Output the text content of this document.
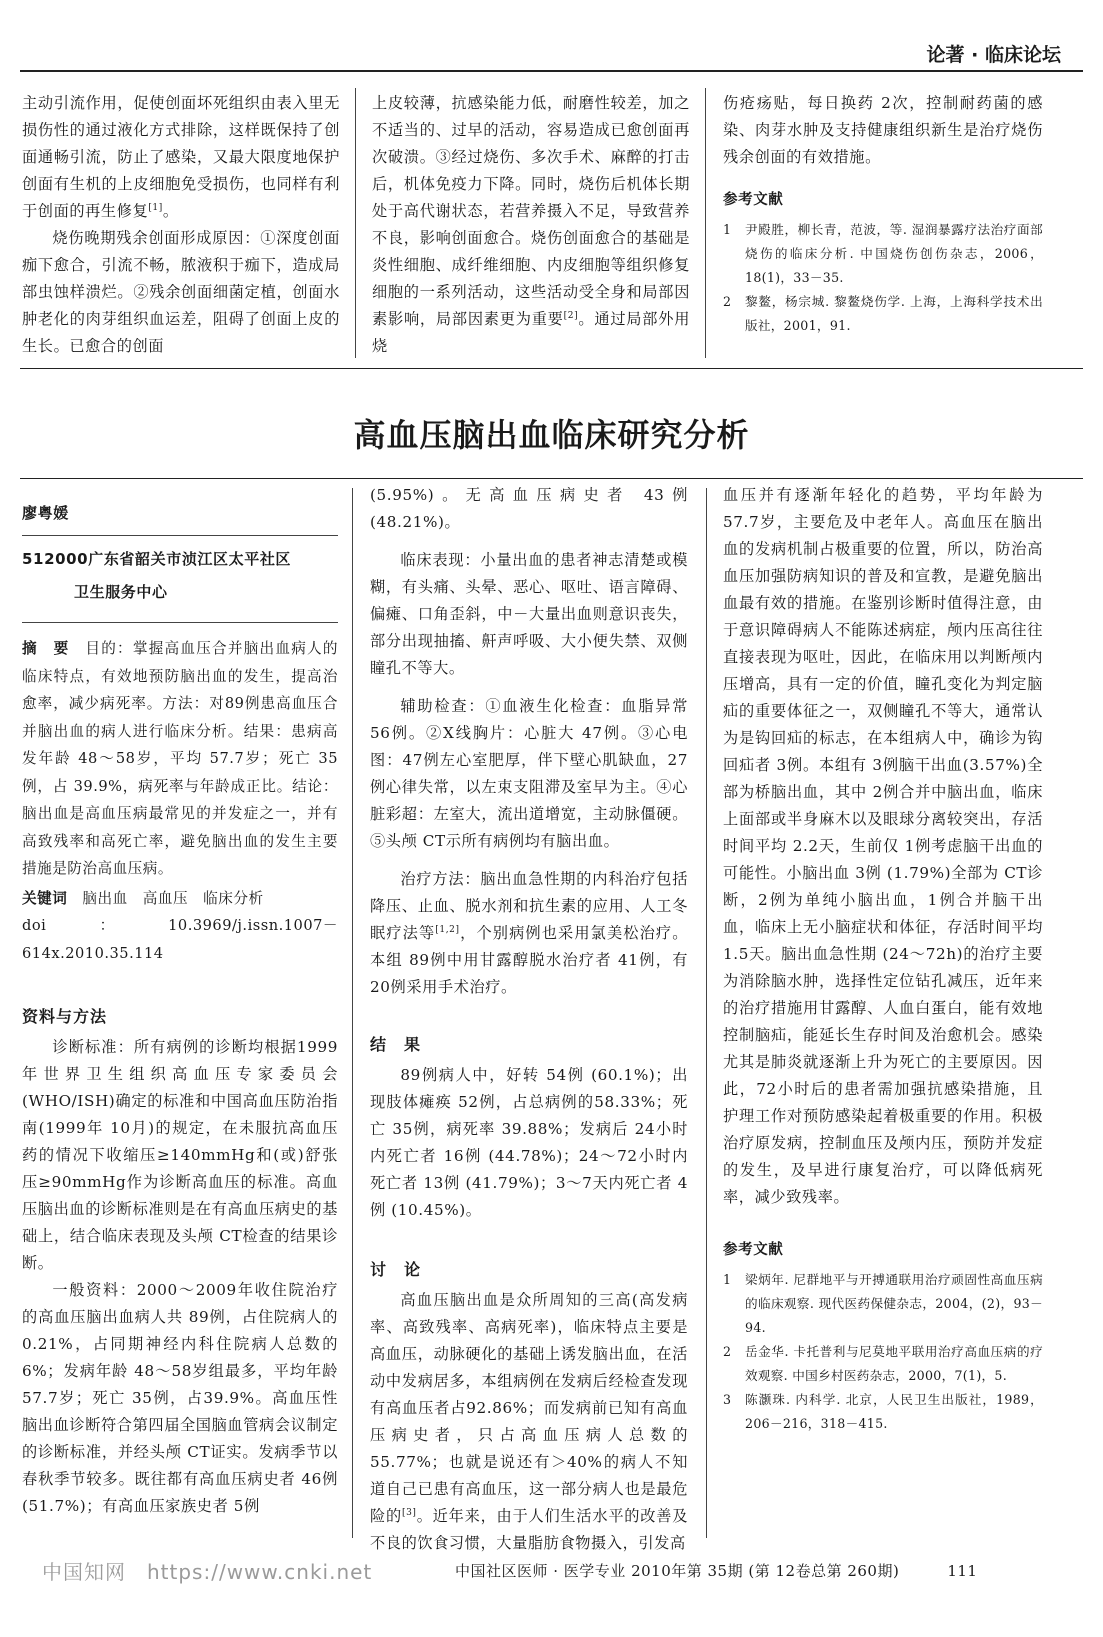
论著 · 临床论坛

主动引流作用，促使创面坏死组织由表入里无损伤性的通过液化方式排除，这样既保持了创面通畅引流，防止了感染，又最大限度地保护创面有生机的上皮细胞免受损伤，也同样有利于创面的再生修复[1]。

烧伤晚期残余创面形成原因：①深度创面痂下愈合，引流不畅，脓液积于痂下，造成局部虫蚀样溃烂。②残余创面细菌定植，创面水肿老化的肉芽组织血运差，阻碍了创面上皮的生长。已愈合的创面

上皮较薄，抗感染能力低，耐磨性较差，加之不适当的、过早的活动，容易造成已愈创面再次破溃。③经过烧伤、多次手术、麻醉的打击后，机体免疫力下降。同时，烧伤后机体长期处于高代谢状态，若营养摄入不足，导致营养不良，影响创面愈合。烧伤创面愈合的基础是炎性细胞、成纤维细胞、内皮细胞等组织修复细胞的一系列活动，这些活动受全身和局部因素影响，局部因素更为重要[2]。通过局部外用烧

伤疮疡贴，每日换药 2次，控制耐药菌的感染、肉芽水肿及支持健康组织新生是治疗烧伤残余创面的有效措施。

参考文献
1 尹殿胜，柳长青，范波，等. 湿润暴露疗法治疗面部烧伤的临床分析. 中国烧伤创伤杂志，2006，18(1)，33－35.
2 黎鳌，杨宗城. 黎鳌烧伤学. 上海，上海科学技术出版社，2001，91.
高血压脑出血临床研究分析
廖粤媛
512000广东省韶关市浈江区太平社区
卫生服务中心
摘　要　 目的：掌握高血压合并脑出血病人的临床特点，有效地预防脑出血的发生，提高治愈率，减少病死率。方法：对89例患高血压合并脑出血的病人进行临床分析。结果：患病高发年龄 48～58岁，平均 57.7岁；死亡 35例，占 39.9%，病死率与年龄成正比。结论：脑出血是高血压病最常见的并发症之一，并有高致残率和高死亡率，避免脑出血的发生主要措施是防治高血压病。
关键词　 脑出血　高血压　临床分析
doi：10.3969/j.issn.1007－614x.2010.35.114
资料与方法

诊断标准：所有病例的诊断均根据1999年世界卫生组织高血压专家委员会(WHO/ISH)确定的标准和中国高血压防治指南(1999年 10月)的规定，在未服抗高血压药的情况下收缩压≥140mmHg和(或)舒张压≥90mmHg作为诊断高血压的标准。高血压脑出血的诊断标准则是在有高血压病史的基础上，结合临床表现及头颅 CT检查的结果诊断。

一般资料：2000～2009年收住院治疗的高血压脑出血病人共 89例，占住院病人的 0.21%，占同期神经内科住院病人总数的 6%；发病年龄 48～58岁组最多，平均年龄 57.7岁；死亡 35例，占39.9%。高血压性脑出血诊断符合第四届全国脑血管病会议制定的诊断标准，并经头颅 CT证实。发病季节以春秋季节较多。既往都有高血压病史者 46例(51.7%)；有高血压家族史者 5例

(5.95%)。无高血压病史者 43例(48.21%)。

临床表现：小量出血的患者神志清楚或模糊，有头痛、头晕、恶心、呕吐、语言障碍、偏瘫、口角歪斜，中－大量出血则意识丧失，部分出现抽搐、鼾声呼吸、大小便失禁、双侧瞳孔不等大。

辅助检查：①血液生化检查：血脂异常 56例。②X线胸片：心脏大 47例。③心电图：47例左心室肥厚，伴下壁心肌缺血，27例心律失常，以左束支阻滞及室早为主。④心脏彩超：左室大，流出道增宽，主动脉僵硬。⑤头颅 CT示所有病例均有脑出血。

治疗方法：脑出血急性期的内科治疗包括降压、止血、脱水剂和抗生素的应用、人工冬眠疗法等[1,2]，个别病例也采用氯美松治疗。本组 89例中用甘露醇脱水治疗者 41例，有 20例采用手术治疗。

结　果

89例病人中，好转 54例 (60.1%)；出现肢体瘫痪 52例，占总病例的58.33%；死亡 35例，病死率 39.88%；发病后 24小时内死亡者 16例 (44.78%)；24～72小时内死亡者 13例 (41.79%)；3～7天内死亡者 4例 (10.45%)。

讨　论

高血压脑出血是众所周知的三高(高发病率、高致残率、高病死率)，临床特点主要是高血压，动脉硬化的基础上诱发脑出血，在活动中发病居多，本组病例在发病后经检查发现有高血压者占92.86%；而发病前已知有高血压病史者，只占高血压病人总数的 55.77%；也就是说还有＞40%的病人不知道自己已患有高血压，这一部分病人也是最危险的[3]。近年来，由于人们生活水平的改善及不良的饮食习惯，大量脂肪食物摄入，引发高

血压并有逐渐年轻化的趋势，平均年龄为57.7岁，主要危及中老年人。高血压在脑出血的发病机制占极重要的位置，所以，防治高血压加强防病知识的普及和宣教，是避免脑出血最有效的措施。在鉴别诊断时值得注意，由于意识障碍病人不能陈述病症，颅内压高往往直接表现为呕吐，因此，在临床用以判断颅内压增高，具有一定的价值，瞳孔变化为判定脑疝的重要体征之一，双侧瞳孔不等大，通常认为是钩回疝的标志，在本组病人中，确诊为钩回疝者 3例。本组有 3例脑干出血(3.57%)全部为桥脑出血，其中 2例合并中脑出血，临床上面部或半身麻木以及眼球分离较突出，存活时间平均 2.2天，生前仅 1例考虑脑干出血的可能性。小脑出血 3例 (1.79%)全部为 CT诊断，2例为单纯小脑出血，1例合并脑干出血，临床上无小脑症状和体征，存活时间平均1.5天。脑出血急性期 (24～72h)的治疗主要为消除脑水肿，选择性定位钻孔减压，近年来的治疗措施用甘露醇、人血白蛋白，能有效地控制脑疝，能延长生存时间及治愈机会。感染尤其是肺炎就逐渐上升为死亡的主要原因。因此，72小时后的患者需加强抗感染措施，且护理工作对预防感染起着极重要的作用。积极治疗原发病，控制血压及颅内压，预防并发症的发生，及早进行康复治疗，可以降低病死率，减少致残率。

参考文献
1 梁炳年. 尼群地平与开搏通联用治疗顽固性高血压病的临床观察. 现代医药保健杂志，2004，(2)，93－94.
2 岳金华. 卡托普利与尼莫地平联用治疗高血压病的疗效观察. 中国乡村医药杂志，2000，7(1)，5.
3 陈灏珠. 内科学. 北京，人民卫生出版社，1989，206－216，318－415.
中国知网　https://www.cnki.net	中国社区医师 · 医学专业 2010年第 35期 (第 12卷总第 260期)	111
